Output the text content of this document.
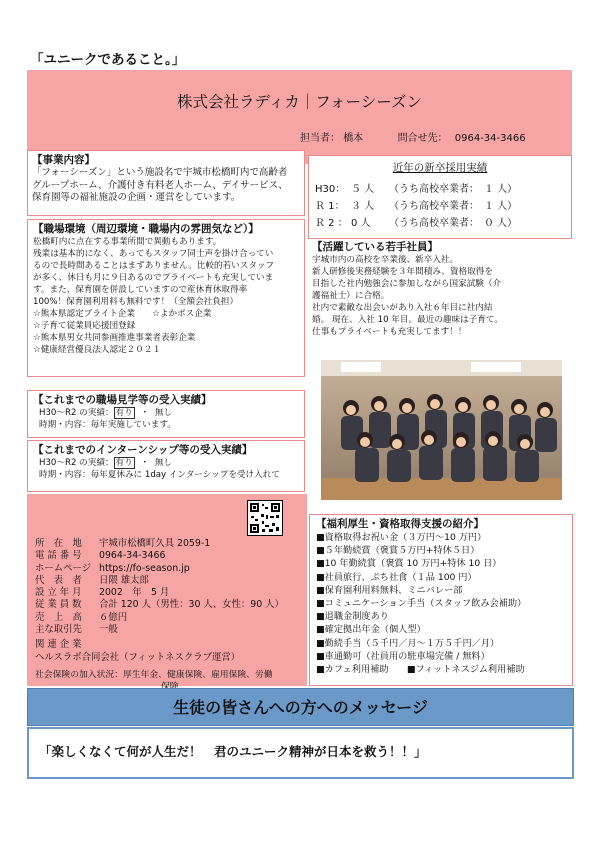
「ユニークであること。」
株式会社ラディカ｜フォーシーズン
担当者： 橋本	問合せ先： 0964-34-3466
【事業内容】
「フォーシーズン」という施設名で宇城市松橋町内で高齢者
グループホーム、介護付き有料老人ホーム、デイサービス、
保育園等の福祉施設の企画・運営をしています。
近年の新卒採用実績
H30： ５ 人 （うち高校卒業者：　１ 人）
Ｒ 1： ３ 人 （うち高校卒業者：　１ 人）
Ｒ 2 ： 0 人 （うち高校卒業者：　０ 人）
【職場環境（周辺環境・職場内の雰囲気など）】
松橋町内に点在する事業所間で異動もあります。
残業は基本的になく、あってもスタッフ同士声を掛け合ってい
るので長時間あることはまずありません。比較的若いスタッフ
が多く、休日も月に９日あるのでプライベートも充実していま
す。また、保育園を併設していますので産休育休取得率
100%！保育園利用料も無料です！（全額会社負担）
☆熊本県認定ブライト企業　　☆よかボス企業
☆子育て従業員応援団登録
☆熊本県男女共同参画推進事業者表彰企業
☆健康経営優良法人認定２０２１
【活躍している若手社員】
宇城市内の高校を卒業後、新卒入社。
新人研修後実務経験を３年間積み、資格取得を
目指した社内勉強会に参加しながら国家試験（介
護福祉士）に合格。
社内で素敵な出会いがあり入社６年目に社内結
婚。 現在、入社 10 年目。最近の趣味は子育て。
仕事もプライベートも充実してます！！
【これまでの職場見学等の受入実績】
H30～R2 の実績： 有り ・ 無し
時期・内容：毎年実施しています。
【これまでのインターンシップ等の受入実績】
H30～R2 の実績： 有り ・ 無し
時期・内容：毎年夏休みに 1day インターシップを受け入れて
所　在　地 宇城市松橋町久具 2059-1
電 話 番 号 0964-34-3466
ホームページ https://fo-season.jp
代　表　者 日隈 雄太郎
設 立 年 月 2002　年　5 月
従 業 員 数 合計 120 人（男性：30 人、女性：90 人）
売　上　高 ６億円
主な取引先 一般
関 連 企 業ヘルスラボ合同会社（フィットネスクラブ運営）
社会保険の加入状況：厚生年金、健康保険、雇用保険、労働
【福利厚生・資格取得支援の紹介】
■資格取得お祝い金（３万円～10 万円）
■５年勤続賞（褒賞５万円+特休５日）
■10 年勤続賞（褒賞 10 万円+特休 10 日）
■社員旅行、ぷち社食（１品 100 円）
■保育園利用料無料、ミニバレー部
■コミュニケーション手当（スタッフ飲み会補助）
■退職金制度あり
■確定拠出年金（個人型）
■勤続手当（５千円／月～１万５千円／月）
■車通勤可（社員用の駐車場完備 / 無料）
■カフェ利用補助　　■フィットネスジム利用補助
生徒の皆さんへの方へのメッセージ
「楽しくなくて何が人生だ！　君のユニーク精神が日本を救う！！」
